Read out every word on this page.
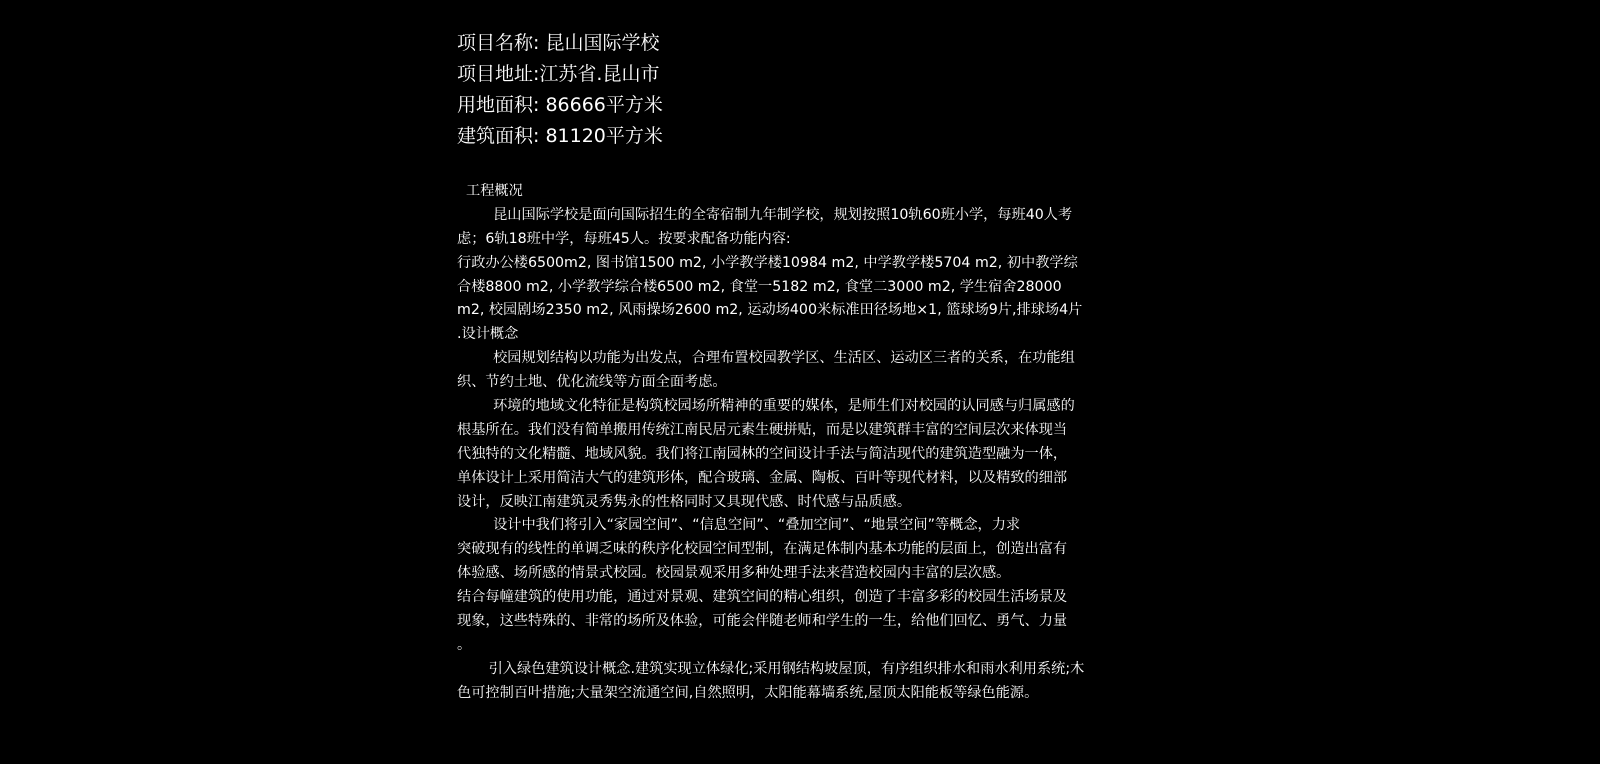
项目名称: 昆山国际学校
项目地址:江苏省.昆山市
用地面积: 86666平方米
建筑面积: 81120平方米
工程概况
昆山国际学校是面向国际招生的全寄宿制九年制学校，规划按照10轨60班小学，每班40人考
虑；6轨18班中学，每班45人。按要求配备功能内容:
行政办公楼6500m2, 图书馆1500 m2, 小学教学楼10984 m2, 中学教学楼5704 m2, 初中教学综
合楼8800 m2, 小学教学综合楼6500 m2, 食堂一5182 m2, 食堂二3000 m2, 学生宿舍28000
m2, 校园剧场2350 m2, 风雨操场2600 m2, 运动场400米标准田径场地×1, 篮球场9片,排球场4片
.设计概念
校园规划结构以功能为出发点，合理布置校园教学区、生活区、运动区三者的关系，在功能组
织、节约土地、优化流线等方面全面考虑。
环境的地域文化特征是构筑校园场所精神的重要的媒体，是师生们对校园的认同感与归属感的
根基所在。我们没有简单搬用传统江南民居元素生硬拼贴，而是以建筑群丰富的空间层次来体现当
代独特的文化精髓、地域风貌。我们将江南园林的空间设计手法与简洁现代的建筑造型融为一体，
单体设计上采用简洁大气的建筑形体，配合玻璃、金属、陶板、百叶等现代材料，以及精致的细部
设计，反映江南建筑灵秀隽永的性格同时又具现代感、时代感与品质感。
设计中我们将引入“家园空间”、“信息空间”、“叠加空间”、“地景空间”等概念，力求
突破现有的线性的单调乏味的秩序化校园空间型制，在满足体制内基本功能的层面上，创造出富有
体验感、场所感的情景式校园。校园景观采用多种处理手法来营造校园内丰富的层次感。
结合每幢建筑的使用功能，通过对景观、建筑空间的精心组织，创造了丰富多彩的校园生活场景及
现象，这些特殊的、非常的场所及体验，可能会伴随老师和学生的一生，给他们回忆、勇气、力量
。
引入绿色建筑设计概念.建筑实现立体绿化;采用钢结构坡屋顶，有序组织排水和雨水利用系统;木
色可控制百叶措施;大量架空流通空间,自然照明，太阳能幕墙系统,屋顶太阳能板等绿色能源。
